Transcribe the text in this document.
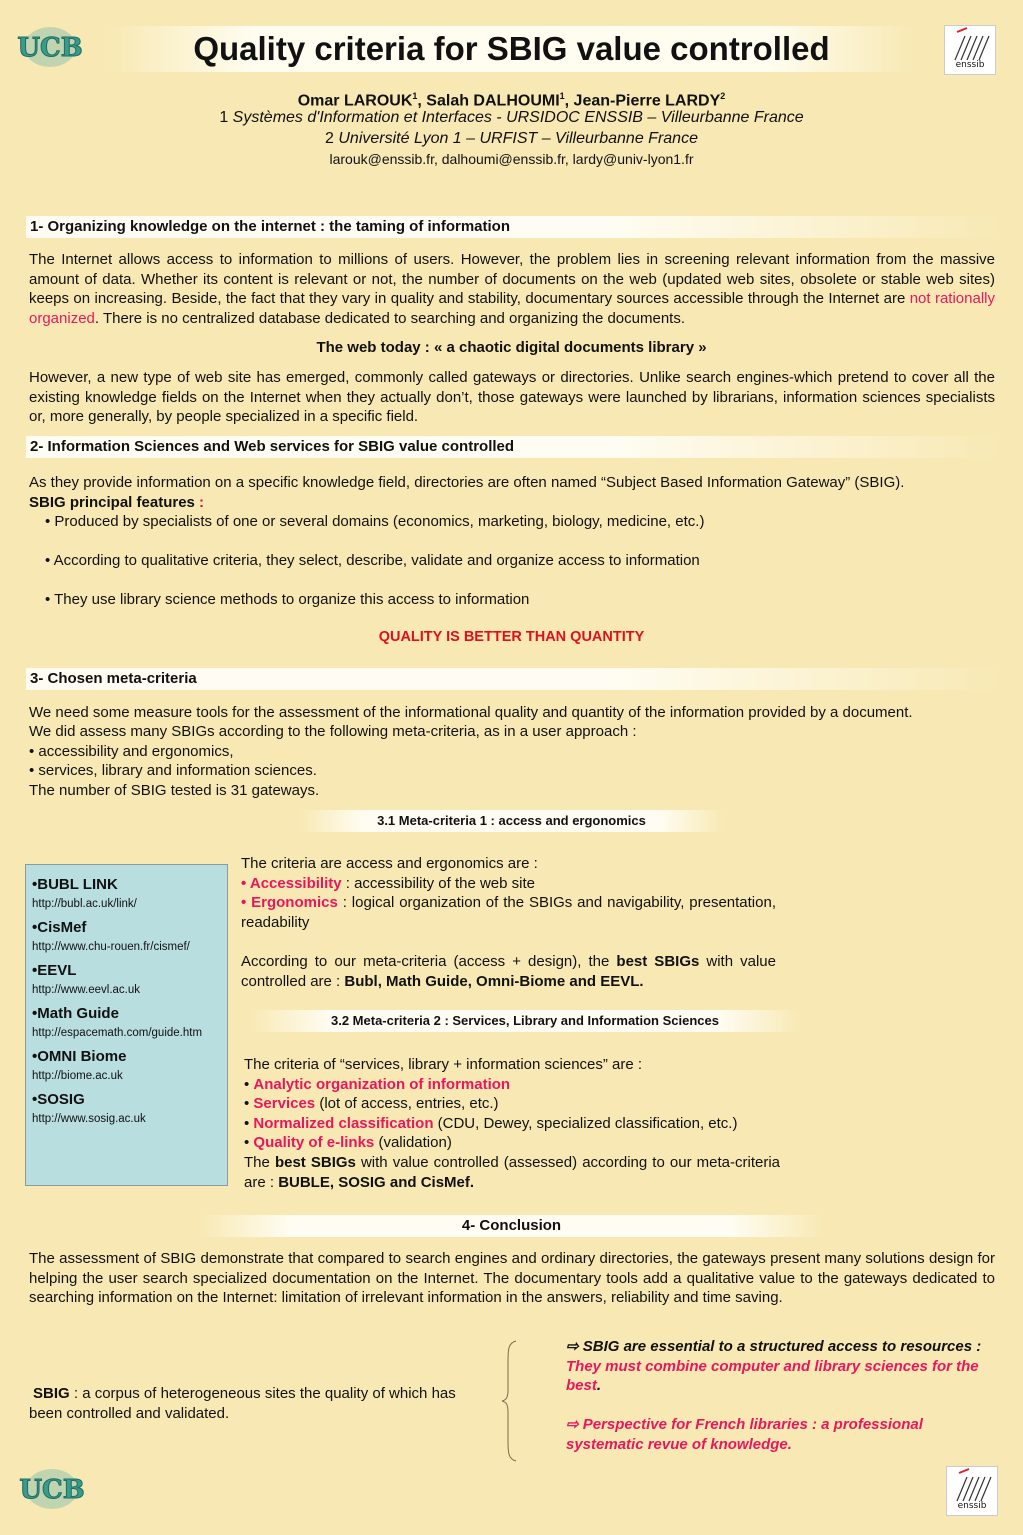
UCB	Quality criteria for SBIG value controlled	enssib
Omar LAROUK$^1$, Salah DALHOUMI$^1$, Jean-Pierre LARDY$^2$
1 Systèmes d'Information et Interfaces - URSIDOC ENSSIB – Villeurbanne France
2 Université Lyon 1 – URFIST – Villeurbanne France
larouk@enssib.fr, dalhoumi@enssib.fr, lardy@univ-lyon1.fr
1- Organizing knowledge on the internet : the taming of information
The Internet allows access to information to millions of users. However, the problem lies in screening relevant information from the massive amount of data. Whether its content is relevant or not, the number of documents on the web (updated web sites, obsolete or stable web sites) keeps on increasing. Beside, the fact that they vary in quality and stability, documentary sources accessible through the Internet are not rationally organized. There is no centralized database dedicated to searching and organizing the documents.
The web today : « a chaotic digital documents library »
However, a new type of web site has emerged, commonly called gateways or directories. Unlike search engines-which pretend to cover all the existing knowledge fields on the Internet when they actually don’t, those gateways were launched by librarians, information sciences specialists or, more generally, by people specialized in a specific field.
2- Information Sciences and Web services for SBIG value controlled
As they provide information on a specific knowledge field, directories are often named “Subject Based Information Gateway” (SBIG).
SBIG principal features :
• Produced by specialists of one or several domains (economics, marketing, biology, medicine, etc.)
• According to qualitative criteria, they select, describe, validate and organize access to information
• They use library science methods to organize this access to information
QUALITY IS BETTER THAN QUANTITY
3- Chosen meta-criteria
We need some measure tools for the assessment of the informational quality and quantity of the information provided by a document.
We did assess many SBIGs according to the following meta-criteria, as in a user approach :
• accessibility and ergonomics,
• services, library and information sciences.
The number of SBIG tested is 31 gateways.
3.1 Meta-criteria 1 : access and ergonomics
•BUBL LINK
http://bubl.ac.uk/link/
•CisMef
http://www.chu-rouen.fr/cismef/
•EEVL
http://www.eevl.ac.uk
•Math Guide
http://espacemath.com/guide.htm
•OMNI Biome
http://biome.ac.uk
•SOSIG
http://www.sosig.ac.uk
The criteria are access and ergonomics are :
• Accessibility : accessibility of the web site
• Ergonomics : logical organization of the SBIGs and navigability, presentation, readability
According to our meta-criteria (access + design), the best SBIGs with value controlled are : Bubl, Math Guide, Omni-Biome and EEVL.
3.2 Meta-criteria 2 : Services, Library and Information Sciences
The criteria of “services, library + information sciences” are :
• Analytic organization of information
• Services (lot of access, entries, etc.)
• Normalized classification (CDU, Dewey, specialized classification, etc.)
• Quality of e-links (validation)
The best SBIGs with value controlled (assessed) according to our meta-criteria are : BUBLE, SOSIG and CisMef.
4- Conclusion
The assessment of SBIG demonstrate that compared to search engines and ordinary directories, the gateways present many solutions design for helping the user search specialized documentation on the Internet. The documentary tools add a qualitative value to the gateways dedicated to searching information on the Internet: limitation of irrelevant information in the answers, reliability and time saving.
SBIG : a corpus of heterogeneous sites the quality of which has been controlled and validated.
⇨ SBIG are essential to a structured access to resources : They must combine computer and library sciences for the best.
⇨ Perspective for French libraries : a professional systematic revue of knowledge.
UCB
enssib
